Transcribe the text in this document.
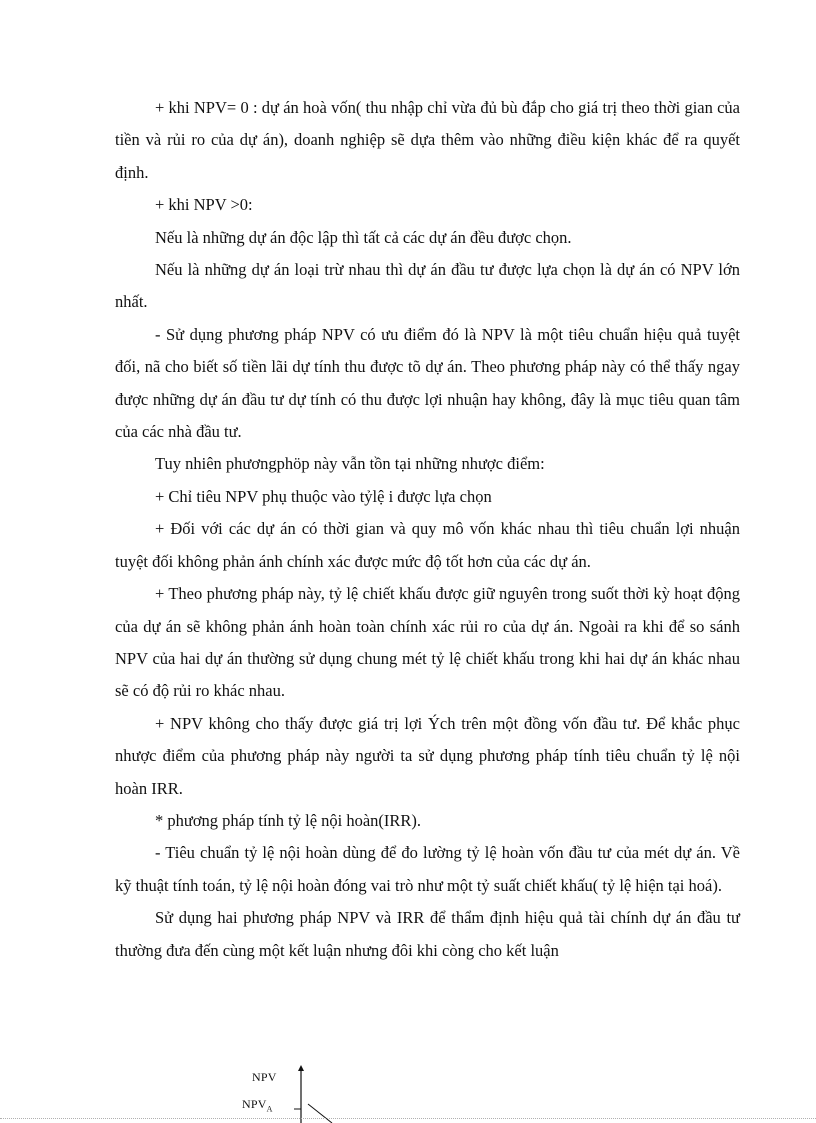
+ khi NPV= 0 : dự án hoà vốn( thu nhập chỉ vừa đủ bù đắp cho giá trị theo thời gian của tiền và rủi ro của dự án), doanh nghiệp sẽ dựa thêm vào những điều kiện khác để ra quyết định.

+ khi NPV >0:

Nếu là những dự án độc lập thì tất cả các dự án đều được chọn.

Nếu là những dự án loại trừ nhau thì dự án đầu tư được lựa chọn là dự án có NPV lớn nhất.

- Sử dụng phương pháp NPV có ưu điểm đó là NPV là một tiêu chuẩn hiệu quả tuyệt đối, nã cho biết số tiền lãi dự tính thu được tõ dự án. Theo phương pháp này có thể thấy ngay được những dự án đầu tư dự tính có thu được lợi nhuận hay không, đây là mục tiêu quan tâm của các nhà đầu tư.

Tuy nhiên phươngphöp này vẫn tồn tại những nhược điểm:

+ Chỉ tiêu NPV phụ thuộc vào tỷlệ i được lựa chọn

+ Đối với các dự án có thời gian và quy mô vốn khác nhau thì tiêu chuẩn lợi nhuận tuyệt đối không phản ánh chính xác được mức độ tốt hơn của các dự án.

+ Theo phương pháp này, tỷ lệ chiết khấu được giữ nguyên trong suốt thời kỳ hoạt động của dự án sẽ không phản ánh hoàn toàn chính xác rủi ro của dự án. Ngoài ra khi để so sánh NPV của hai dự án thường sử dụng chung mét tỷ lệ chiết khấu trong khi hai dự án khác nhau sẽ có độ rủi ro khác nhau.

+ NPV không cho thấy được giá trị lợi Ých trên một đồng vốn đầu tư. Để khắc phục nhược điểm của phương pháp này người ta sử dụng phương pháp tính tiêu chuẩn tỷ lệ nội hoàn IRR.

* phương pháp tính tỷ lệ nội hoàn(IRR).

- Tiêu chuẩn tỷ lệ nội hoàn dùng để đo lường tỷ lệ hoàn vốn đầu tư của mét dự án. Về kỹ thuật tính toán, tỷ lệ nội hoàn đóng vai trò như một tỷ suất chiết khấu( tỷ lệ hiện tại hoá).

Sử dụng hai phương pháp NPV và IRR để thẩm định hiệu quả tài chính dự án đầu tư thường đưa đến cùng một kết luận nhưng đôi khi còng cho kết luận

NPV
$NPV_A$
